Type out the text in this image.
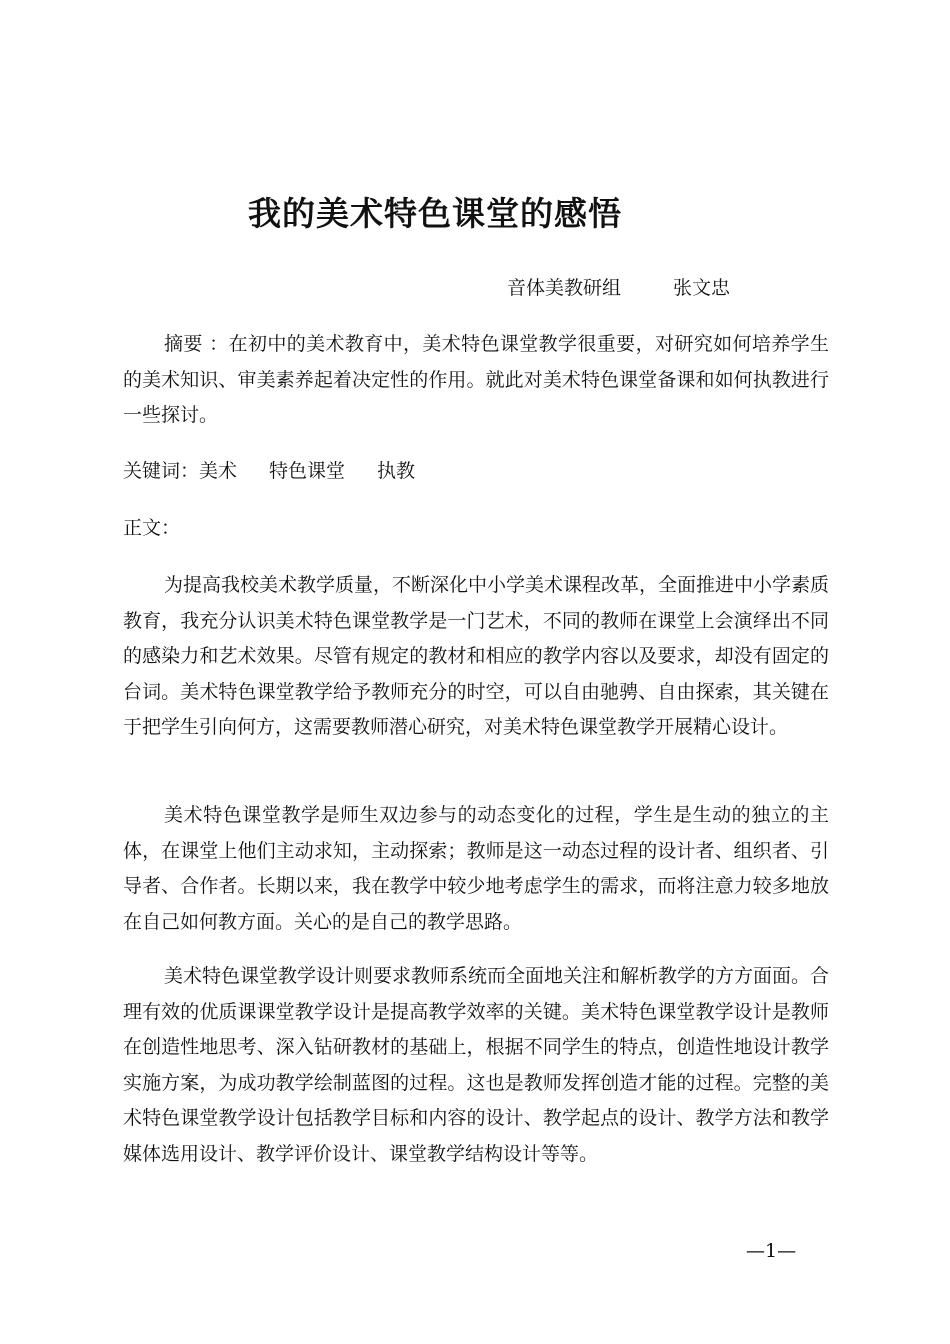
我的美术特色课堂的感悟
音体美教研组	张文忠

摘要 ：在初中的美术教育中，美术特色课堂教学很重要，对研究如何培养学生的美术知识、审美素养起着决定性的作用。就此对美术特色课堂备课和如何执教进行一些探讨。

关键词：美术 特色课堂 执教

正文：

为提高我校美术教学质量，不断深化中小学美术课程改革，全面推进中小学素质教育，我充分认识美术特色课堂教学是一门艺术，不同的教师在课堂上会演绎出不同的感染力和艺术效果。尽管有规定的教材和相应的教学内容以及要求，却没有固定的台词。美术特色课堂教学给予教师充分的时空，可以自由驰骋、自由探索，其关键在于把学生引向何方，这需要教师潜心研究，对美术特色课堂教学开展精心设计。

美术特色课堂教学是师生双边参与的动态变化的过程，学生是生动的独立的主体，在课堂上他们主动求知，主动探索；教师是这一动态过程的设计者、组织者、引导者、合作者。长期以来，我在教学中较少地考虑学生的需求，而将注意力较多地放在自己如何教方面。关心的是自己的教学思路。

美术特色课堂教学设计则要求教师系统而全面地关注和解析教学的方方面面。合理有效的优质课课堂教学设计是提高教学效率的关键。美术特色课堂教学设计是教师在创造性地思考、深入钻研教材的基础上，根据不同学生的特点，创造性地设计教学实施方案，为成功教学绘制蓝图的过程。这也是教师发挥创造才能的过程。完整的美术特色课堂教学设计包括教学目标和内容的设计、教学起点的设计、教学方法和教学媒体选用设计、教学评价设计、课堂教学结构设计等等。

—1—
